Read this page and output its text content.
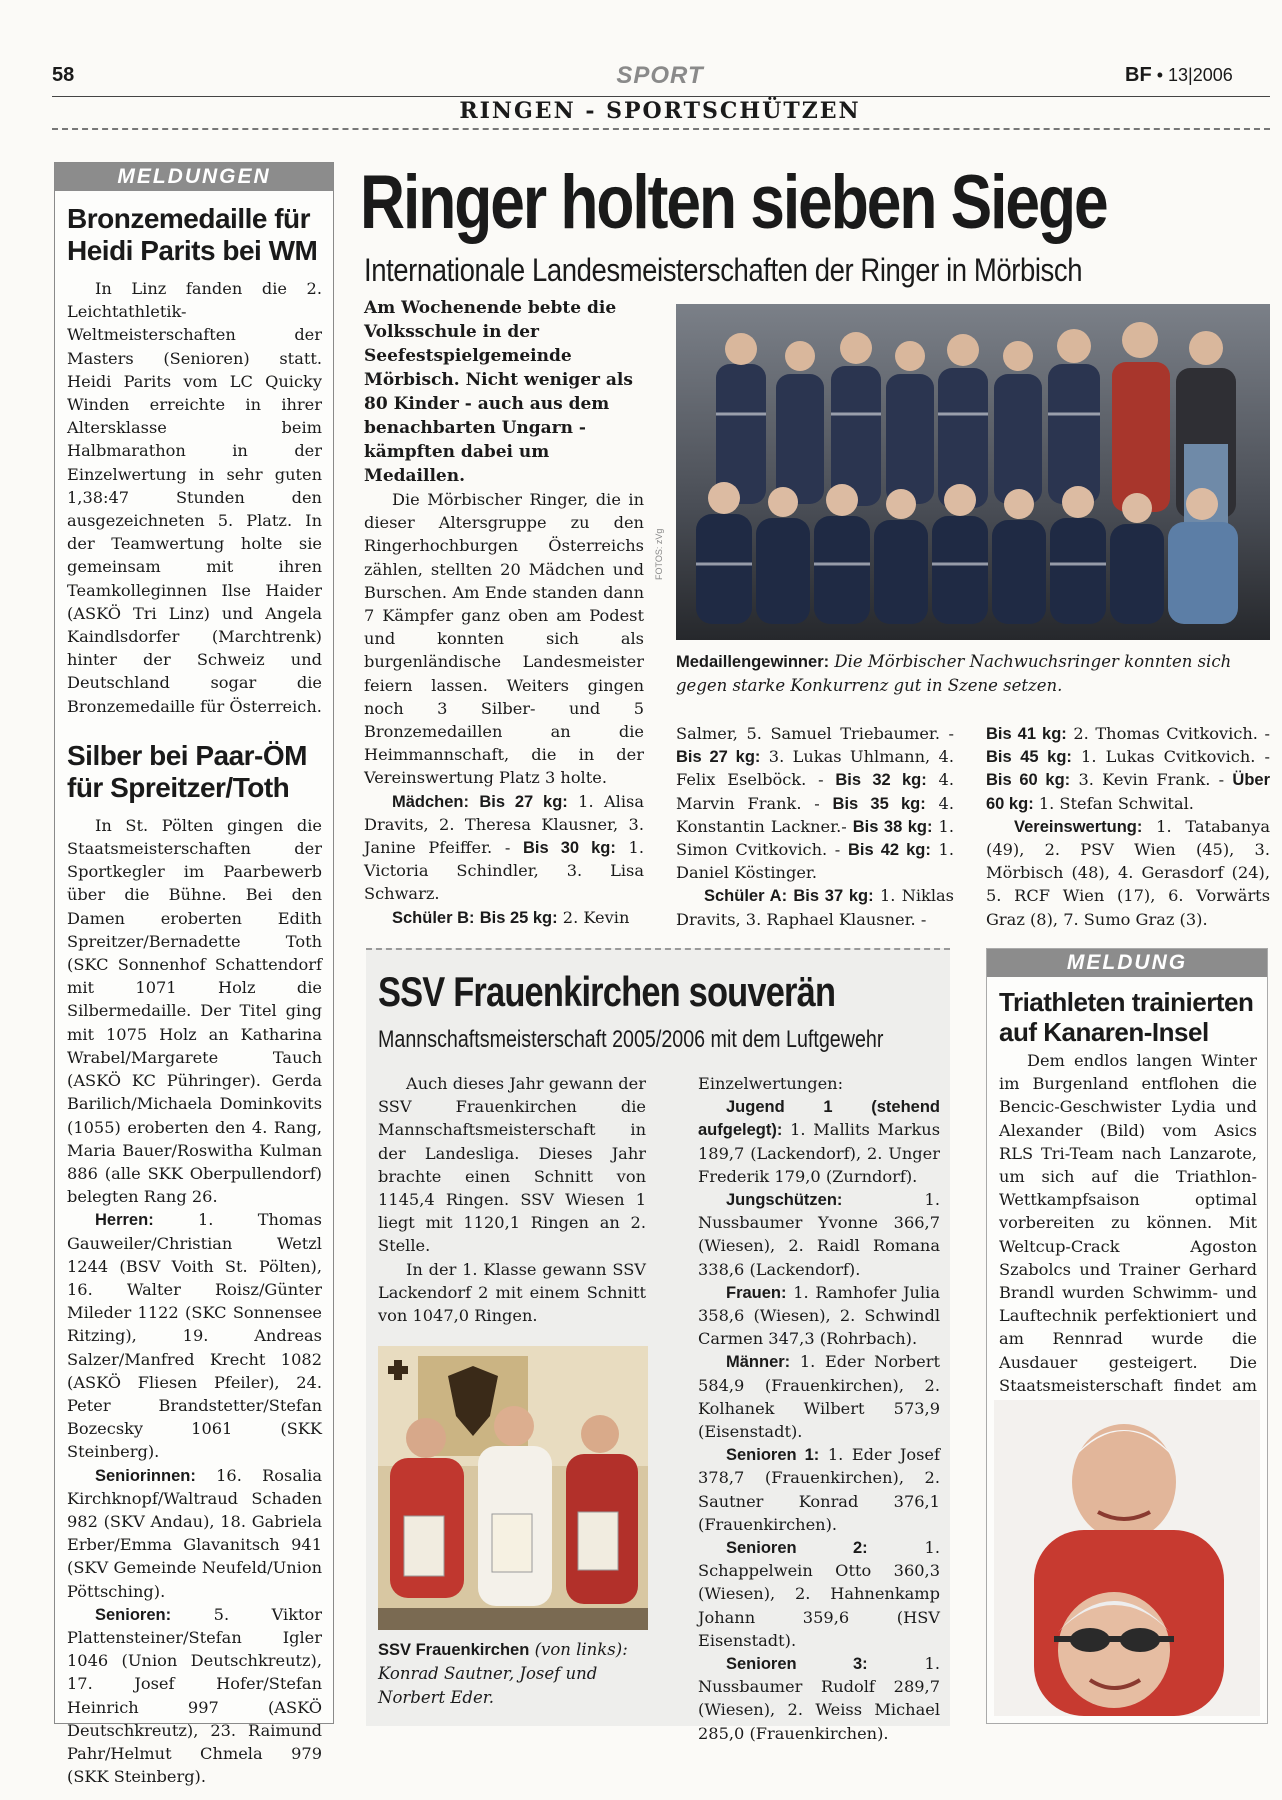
58	SPORT	BF • 13|2006
RINGEN - SPORTSCHÜTZEN
MELDUNGEN
Bronzemedaille für
Heidi Parits bei WM

In Linz fanden die 2. Leichtathletik-Weltmeisterschaften der Masters (Senioren) statt. Heidi Parits vom LC Quicky Winden erreichte in ihrer Altersklasse beim Halbmarathon in der Einzelwertung in sehr guten 1,38:47 Stunden den ausgezeichneten 5. Platz. In der Teamwertung holte sie gemeinsam mit ihren Teamkolleginnen Ilse Haider (ASKÖ Tri Linz) und Angela Kaindlsdorfer (Marchtrenk) hinter der Schweiz und Deutschland sogar die Bronzemedaille für Österreich.

Silber bei Paar-ÖM
für Spreitzer/Toth

In St. Pölten gingen die Staatsmeisterschaften der Sportkegler im Paarbewerb über die Bühne. Bei den Damen eroberten Edith Spreitzer/Bernadette Toth (SKC Sonnenhof Schattendorf mit 1071 Holz die Silbermedaille. Der Titel ging mit 1075 Holz an Katharina Wrabel/Margarete Tauch (ASKÖ KC Pühringer). Gerda Barilich/Michaela Dominkovits (1055) eroberten den 4. Rang, Maria Bauer/Roswitha Kulman 886 (alle SKK Oberpullendorf) belegten Rang 26.

Herren:	1. Thomas Gauweiler/Christian Wetzl 1244 (BSV Voith St. Pölten), 16. Walter Roisz/Günter Mileder 1122 (SKC Sonnensee Ritzing), 19. Andreas Salzer/Manfred Krecht 1082 (ASKÖ Fliesen Pfeiler), 24. Peter Brandstetter/Stefan Bozecsky 1061 (SKK Steinberg).

Seniorinnen: 16. Rosalia Kirchknopf/Waltraud Schaden 982 (SKV Andau), 18. Gabriela Erber/Emma Glavanitsch 941 (SKV Gemeinde Neufeld/Union Pöttsching).

Senioren:	5. Viktor Plattensteiner/Stefan Igler 1046 (Union Deutschkreutz), 17. Josef Hofer/Stefan Heinrich 997 (ASKÖ Deutschkreutz), 23. Raimund Pahr/Helmut Chmela 979 (SKK Steinberg).

Ringer holten sieben Siege
Internationale Landesmeisterschaften der Ringer in Mörbisch
Am Wochenende bebte die Volksschule in der Seefestspielgemeinde Mörbisch. Nicht weniger als 80 Kinder - auch aus dem benachbarten Ungarn - kämpften dabei um Medaillen.

Die Mörbischer Ringer, die in dieser Altersgruppe zu den Ringerhochburgen Österreichs zählen, stellten 20 Mädchen und Burschen. Am Ende standen dann 7 Kämpfer ganz oben am Podest und konnten sich als burgenländische Landesmeister feiern lassen. Weiters gingen noch 3 Silber- und 5 Bronzemedaillen an die Heimmannschaft, die in der Vereinswertung Platz 3 holte.

Mädchen: Bis 27 kg: 1. Alisa Dravits, 2. Theresa Klausner, 3. Janine Pfeiffer. - Bis 30 kg: 1. Victoria Schindler, 3. Lisa Schwarz.

Schüler B: Bis 25 kg: 2. Kevin

FOTOS: zVg
Medaillengewinner: Die Mörbischer Nachwuchsringer konnten sich gegen starke Konkurrenz gut in Szene setzen.

Salmer, 5. Samuel Triebaumer. - Bis 27 kg: 3. Lukas Uhlmann, 4. Felix Eselböck. - Bis 32 kg: 4. Marvin Frank. - Bis 35 kg: 4. Konstantin Lackner.- Bis 38 kg: 1. Simon Cvitkovich. - Bis 42 kg: 1. Daniel Köstinger.

Schüler A: Bis 37 kg: 1. Niklas Dravits, 3. Raphael Klausner. -

Bis 41 kg: 2. Thomas Cvitkovich. - Bis 45 kg: 1. Lukas Cvitkovich. - Bis 60 kg: 3. Kevin Frank. - Über 60 kg: 1. Stefan Schwital.

Vereinswertung: 1. Tatabanya (49), 2. PSV Wien (45), 3. Mörbisch (48), 4. Gerasdorf (24), 5. RCF Wien (17), 6. Vorwärts Graz (8), 7. Sumo Graz (3).

SSV Frauenkirchen souverän
Mannschaftsmeisterschaft 2005/2006 mit dem Luftgewehr

Auch dieses Jahr gewann der SSV Frauenkirchen die Mannschaftsmeisterschaft in der Landesliga. Dieses Jahr brachte einen Schnitt von 1145,4 Ringen. SSV Wiesen 1 liegt mit 1120,1 Ringen an 2. Stelle.

In der 1. Klasse gewann SSV Lackendorf 2 mit einem Schnitt von 1047,0 Ringen.

SSV Frauenkirchen (von links): Konrad Sautner, Josef und Norbert Eder.

Einzelwertungen:

Jugend 1 (stehend aufgelegt): 1. Mallits Markus 189,7 (Lackendorf), 2. Unger Frederik 179,0 (Zurndorf).

Jungschützen:	1. Nussbaumer Yvonne 366,7 (Wiesen), 2. Raidl Romana 338,6 (Lackendorf).

Frauen: 1. Ramhofer Julia 358,6 (Wiesen), 2. Schwindl Carmen 347,3 (Rohrbach).

Männer: 1. Eder Norbert 584,9 (Frauenkirchen), 2. Kolhanek Wilbert 573,9 (Eisenstadt).

Senioren 1: 1. Eder Josef 378,7 (Frauenkirchen), 2. Sautner Konrad 376,1 (Frauenkirchen).

Senioren 2:	1. Schappelwein Otto 360,3 (Wiesen), 2. Hahnenkamp Johann 359,6 (HSV Eisenstadt).

Senioren 3:	1. Nussbaumer Rudolf 289,7 (Wiesen), 2. Weiss Michael 285,0 (Frauenkirchen).

MELDUNG
Triathleten trainierten
auf Kanaren-Insel

Dem endlos langen Winter im Burgenland entflohen die Bencic-Geschwister Lydia und Alexander (Bild) vom Asics RLS Tri-Team nach Lanzarote, um sich auf die Triathlon-Wettkampfsaison optimal vorbereiten zu können. Mit Weltcup-Crack Agoston Szabolcs und Trainer Gerhard Brandl wurden Schwimm- und Lauftechnik perfektioniert und am Rennrad wurde die Ausdauer gesteigert. Die Staatsmeisterschaft findet am
